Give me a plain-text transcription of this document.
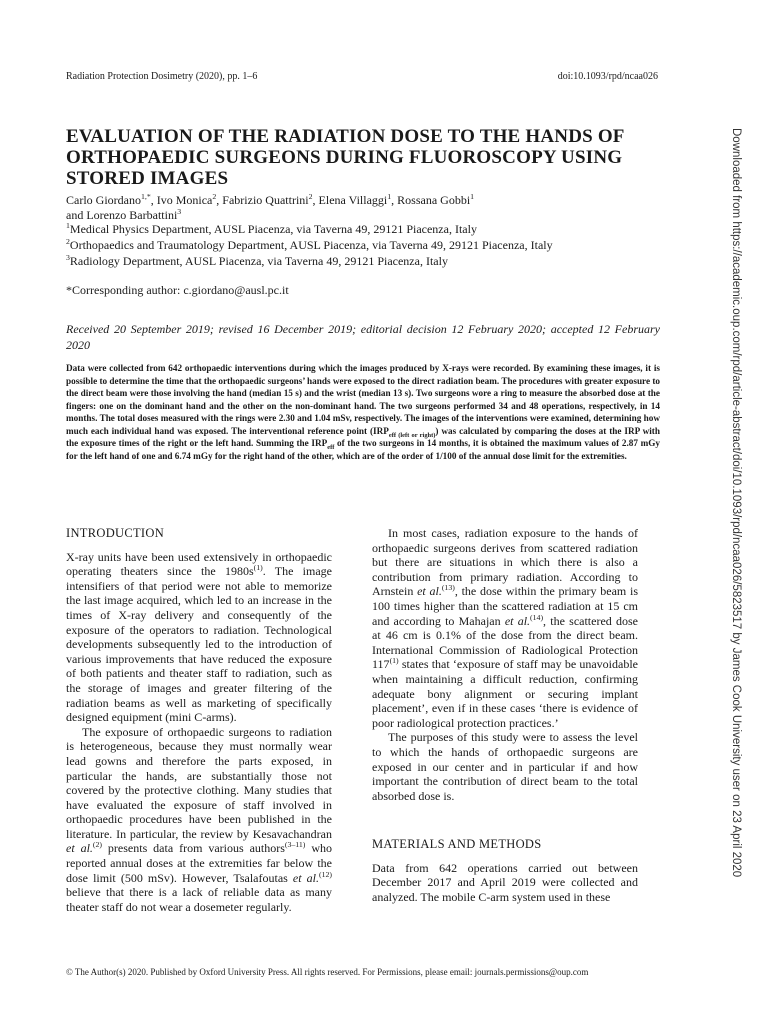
Radiation Protection Dosimetry (2020), pp. 1–6	doi:10.1093/rpd/ncaa026
EVALUATION OF THE RADIATION DOSE TO THE HANDS OF ORTHOPAEDIC SURGEONS DURING FLUOROSCOPY USING STORED IMAGES
Carlo Giordano$^{1,*}$, Ivo Monica$^2$, Fabrizio Quattrini$^2$, Elena Villaggi$^1$, Rossana Gobbi$^1$
and Lorenzo Barbattini$^3$
$^1$Medical Physics Department, AUSL Piacenza, via Taverna 49, 29121 Piacenza, Italy
$^2$Orthopaedics and Traumatology Department, AUSL Piacenza, via Taverna 49, 29121 Piacenza, Italy
$^3$Radiology Department, AUSL Piacenza, via Taverna 49, 29121 Piacenza, Italy
*Corresponding author: c.giordano@ausl.pc.it
Received 20 September 2019; revised 16 December 2019; editorial decision 12 February 2020; accepted 12 February 2020
Data were collected from 642 orthopaedic interventions during which the images produced by X-rays were recorded. By examining these images, it is possible to determine the time that the orthopaedic surgeons’ hands were exposed to the direct radiation beam. The procedures with greater exposure to the direct beam were those involving the hand (median 15 s) and the wrist (median 13 s). Two surgeons wore a ring to measure the absorbed dose at the fingers: one on the dominant hand and the other on the non-dominant hand. The two surgeons performed 34 and 48 operations, respectively, in 14 months. The total doses measured with the rings were 2.30 and 1.04 mSv, respectively. The images of the interventions were examined, determining how much each individual hand was exposed. The interventional reference point $(IRP_{eff (left or right)})$ was calculated by comparing the doses at the IRP with the exposure times of the right or the left hand. Summing the $IRP_{eff}$ of the two surgeons in 14 months, it is obtained the maximum values of 2.87 mGy for the left hand of one and 6.74 mGy for the right hand of the other, which are of the order of 1/100 of the annual dose limit for the extremities.
INTRODUCTION

X-ray units have been used extensively in orthopaedic operating theaters since the $1980s^{(1)}$. The image intensifiers of that period were not able to memorize the last image acquired, which led to an increase in the times of X-ray delivery and consequently of the exposure of the operators to radiation. Technological developments subsequently led to the introduction of various improvements that have reduced the exposure of both patients and theater staff to radiation, such as the storage of images and greater filtering of the radiation beams as well as marketing of specifically designed equipment (mini C-arms).

The exposure of orthopaedic surgeons to radiation is heterogeneous, because they must normally wear lead gowns and therefore the parts exposed, in particular the hands, are substantially those not covered by the protective clothing. Many studies that have evaluated the exposure of staff involved in orthopaedic procedures have been published in the literature. In particular, the review by Kesavachandran et al.$^{(2)}$ presents data from various authors$^{(3-11)}$ who reported annual doses at the extremities far below the dose limit (500 mSv). However, Tsalafoutas et al.$^{(12)}$ believe that there is a lack of reliable data as many theater staff do not wear a dosemeter regularly.

In most cases, radiation exposure to the hands of orthopaedic surgeons derives from scattered radiation but there are situations in which there is also a contribution from primary radiation. According to Arnstein et al.$^{(13)}$, the dose within the primary beam is 100 times higher than the scattered radiation at 15 cm and according to Mahajan et al.$^{(14)}$, the scattered dose at 46 cm is 0.1% of the dose from the direct beam. International Commission of Radiological Protection 117$^{(1)}$ states that ‘exposure of staff may be unavoidable when maintaining a difficult reduction, confirming adequate bony alignment or securing implant placement’, even if in these cases ‘there is evidence of poor radiological protection practices.’

The purposes of this study were to assess the level to which the hands of orthopaedic surgeons are exposed in our center and in particular if and how important the contribution of direct beam to the total absorbed dose is.

MATERIALS AND METHODS

Data from 642 operations carried out between December 2017 and April 2019 were collected and analyzed. The mobile C-arm system used in these

Downloaded from https://academic.oup.com/rpd/article-abstract/doi/10.1093/rpd/ncaa026/5823517 by James Cook University user on 23 April 2020
© The Author(s) 2020. Published by Oxford University Press. All rights reserved. For Permissions, please email: journals.permissions@oup.com
